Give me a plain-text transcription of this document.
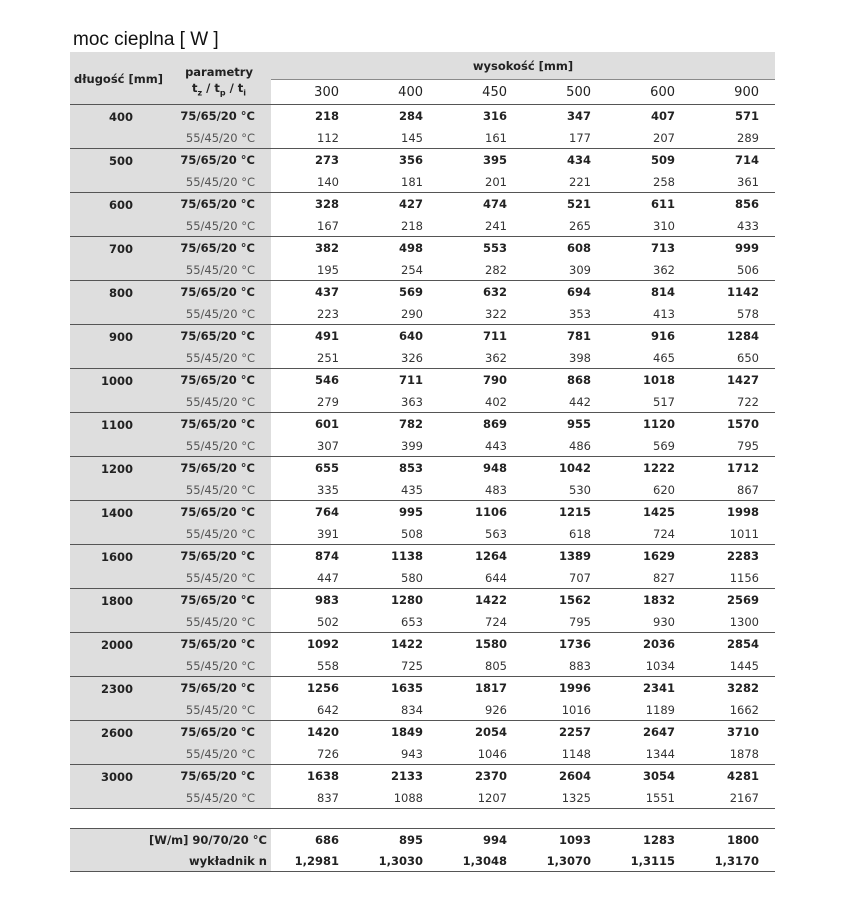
moc cieplna [ W ]
długość [mm]	parametry
$t_z / t_p / t_i$	wysokość [mm]					
		300	400	450	500	600	900
400	75/65/20 °C	218	284	316	347	407	571
	55/45/20 °C	112	145	161	177	207	289
500	75/65/20 °C	273	356	395	434	509	714
	55/45/20 °C	140	181	201	221	258	361
600	75/65/20 °C	328	427	474	521	611	856
	55/45/20 °C	167	218	241	265	310	433
700	75/65/20 °C	382	498	553	608	713	999
	55/45/20 °C	195	254	282	309	362	506
800	75/65/20 °C	437	569	632	694	814	1142
	55/45/20 °C	223	290	322	353	413	578
900	75/65/20 °C	491	640	711	781	916	1284
	55/45/20 °C	251	326	362	398	465	650
1000	75/65/20 °C	546	711	790	868	1018	1427
	55/45/20 °C	279	363	402	442	517	722
1100	75/65/20 °C	601	782	869	955	1120	1570
	55/45/20 °C	307	399	443	486	569	795
1200	75/65/20 °C	655	853	948	1042	1222	1712
	55/45/20 °C	335	435	483	530	620	867
1400	75/65/20 °C	764	995	1106	1215	1425	1998
	55/45/20 °C	391	508	563	618	724	1011
1600	75/65/20 °C	874	1138	1264	1389	1629	2283
	55/45/20 °C	447	580	644	707	827	1156
1800	75/65/20 °C	983	1280	1422	1562	1832	2569
	55/45/20 °C	502	653	724	795	930	1300
2000	75/65/20 °C	1092	1422	1580	1736	2036	2854
	55/45/20 °C	558	725	805	883	1034	1445
2300	75/65/20 °C	1256	1635	1817	1996	2341	3282
	55/45/20 °C	642	834	926	1016	1189	1662
2600	75/65/20 °C	1420	1849	2054	2257	2647	3710
	55/45/20 °C	726	943	1046	1148	1344	1878
3000	75/65/20 °C	1638	2133	2370	2604	3054	4281
	55/45/20 °C	837	1088	1207	1325	1551	2167
[W/m] 90/70/20 °C	686	895	994	1093	1283	1800
wykładnik n	1,2981	1,3030	1,3048	1,3070	1,3115	1,3170
